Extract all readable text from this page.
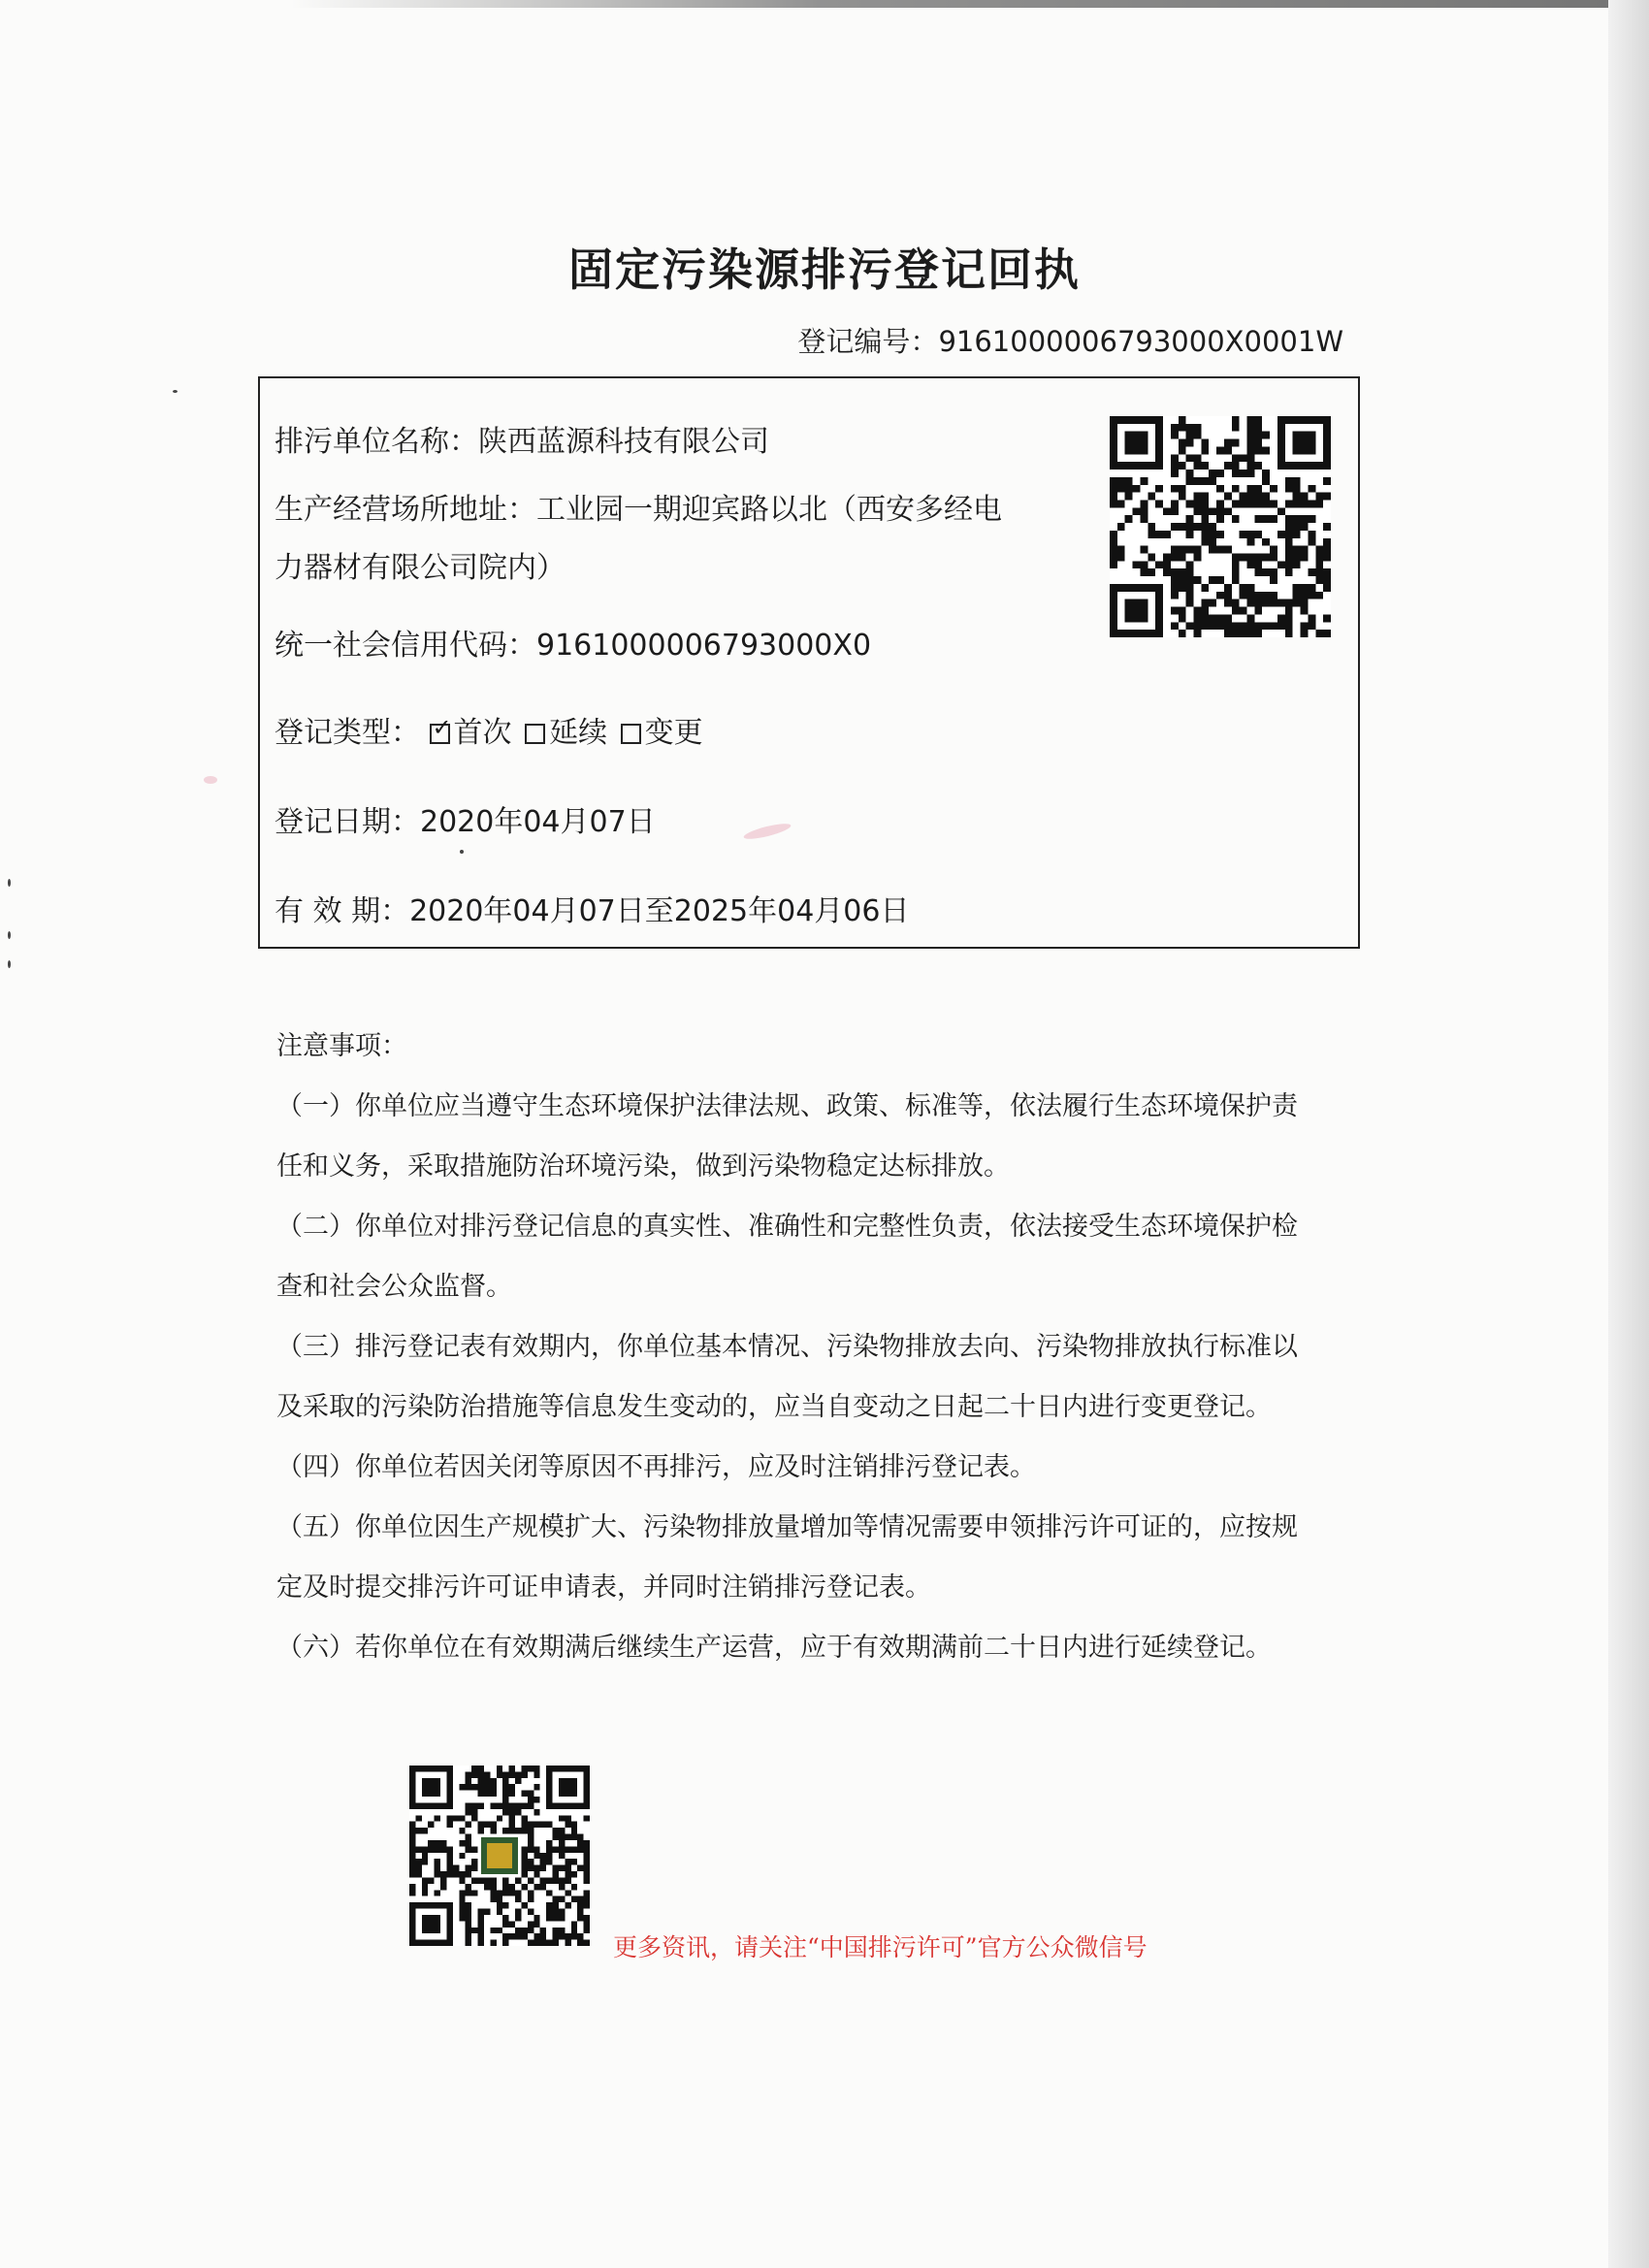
固定污染源排污登记回执
登记编号：9161000006793000X0001W
排污单位名称：陕西蓝源科技有限公司
生产经营场所地址：工业园一期迎宾路以北（西安多经电
力器材有限公司院内）
统一社会信用代码：9161000006793000X0
登记类型： ✓ 首次 延续 变更
登记日期：2020年04月07日
有 效 期：2020年04月07日至2025年04月06日
注意事项：
（一）你单位应当遵守生态环境保护法律法规、政策、标准等，依法履行生态环境保护责
任和义务，采取措施防治环境污染，做到污染物稳定达标排放。
（二）你单位对排污登记信息的真实性、准确性和完整性负责，依法接受生态环境保护检
查和社会公众监督。
（三）排污登记表有效期内，你单位基本情况、污染物排放去向、污染物排放执行标准以
及采取的污染防治措施等信息发生变动的，应当自变动之日起二十日内进行变更登记。
（四）你单位若因关闭等原因不再排污，应及时注销排污登记表。
（五）你单位因生产规模扩大、污染物排放量增加等情况需要申领排污许可证的，应按规
定及时提交排污许可证申请表，并同时注销排污登记表。
（六）若你单位在有效期满后继续生产运营，应于有效期满前二十日内进行延续登记。
更多资讯，请关注“中国排污许可”官方公众微信号
